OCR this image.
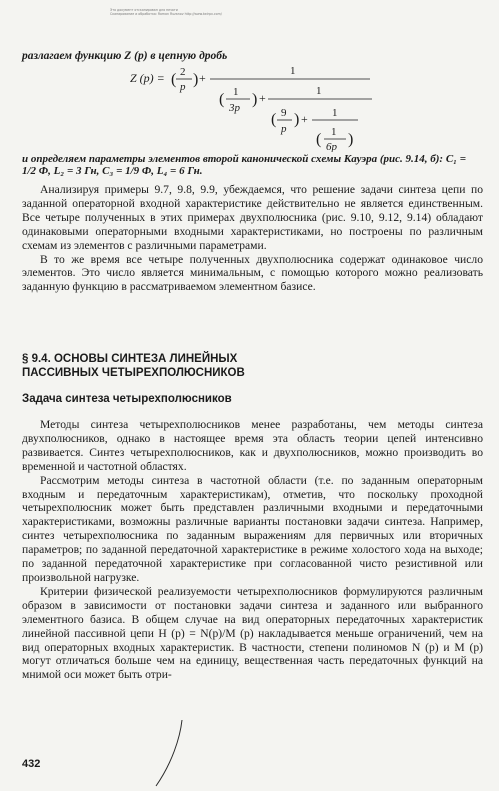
Это документ отсканирован для печати
Сканирование и обработка: Roman Ruzanov http://www.twirpx.com/
разлагаем функцию Z (p) в цепную дробь
Z (p) = ( 2
p ) +	1
( 1
3p ) +	1
( 9
p
) + 1
( 1
6p )
и определяем параметры элементов второй канонической схемы Кауэра (рис. 9.14, б): C₁ = 1/2 Ф, L₂ = 3 Гн, C₃ = 1/9 Ф, L₄ = 6 Гн.

Анализируя примеры 9.7, 9.8, 9.9, убеждаемся, что решение задачи синтеза цепи по заданной операторной входной характеристике действительно не является единственным. Все четыре полученных в этих примерах двухполюсника (рис. 9.10, 9.12, 9.14) обладают одинаковыми операторными входными характеристиками, но построены по различным схемам из элементов с различными параметрами.

В то же время все четыре полученных двухполюсника содержат одинаковое число элементов. Это число является минимальным, с помощью которого можно реализовать заданную функцию в рассматриваемом элементном базисе.

§ 9.4. ОСНОВЫ СИНТЕЗА ЛИНЕЙНЫХ
ПАССИВНЫХ ЧЕТЫРЕХПОЛЮСНИКОВ
Задача синтеза четырехполюсников

Методы синтеза четырехполюсников менее разработаны, чем методы синтеза двухполюсников, однако в настоящее время эта область теории цепей интенсивно развивается. Синтез четырехполюсников, как и двухполюсников, можно производить во временной и частотной областях.

Рассмотрим методы синтеза в частотной области (т.е. по заданным операторным входным и передаточным характеристикам), отметив, что поскольку проходной четырехполюсник может быть представлен различными входными и передаточными характеристиками, возможны различные варианты постановки задачи синтеза. Например, синтез четырехполюсника по заданным выражениям для первичных или вторичных параметров; по заданной передаточной характеристике в режиме холостого хода на выходе; по заданной передаточной характеристике при согласованной чисто резистивной или произвольной нагрузке.

Критерии физической реализуемости четырехполюсников формулируются различным образом в зависимости от постановки задачи синтеза и заданного или выбранного элементного базиса. В общем случае на вид операторных передаточных характеристик линейной пассивной цепи H (p) = N(p)/M (p) накладывается меньше ограничений, чем на вид операторных входных характеристик. В частности, степени полиномов N (p) и M (p) могут отличаться больше чем на единицу, вещественная часть передаточных функций на мнимой оси может быть отри-

432
